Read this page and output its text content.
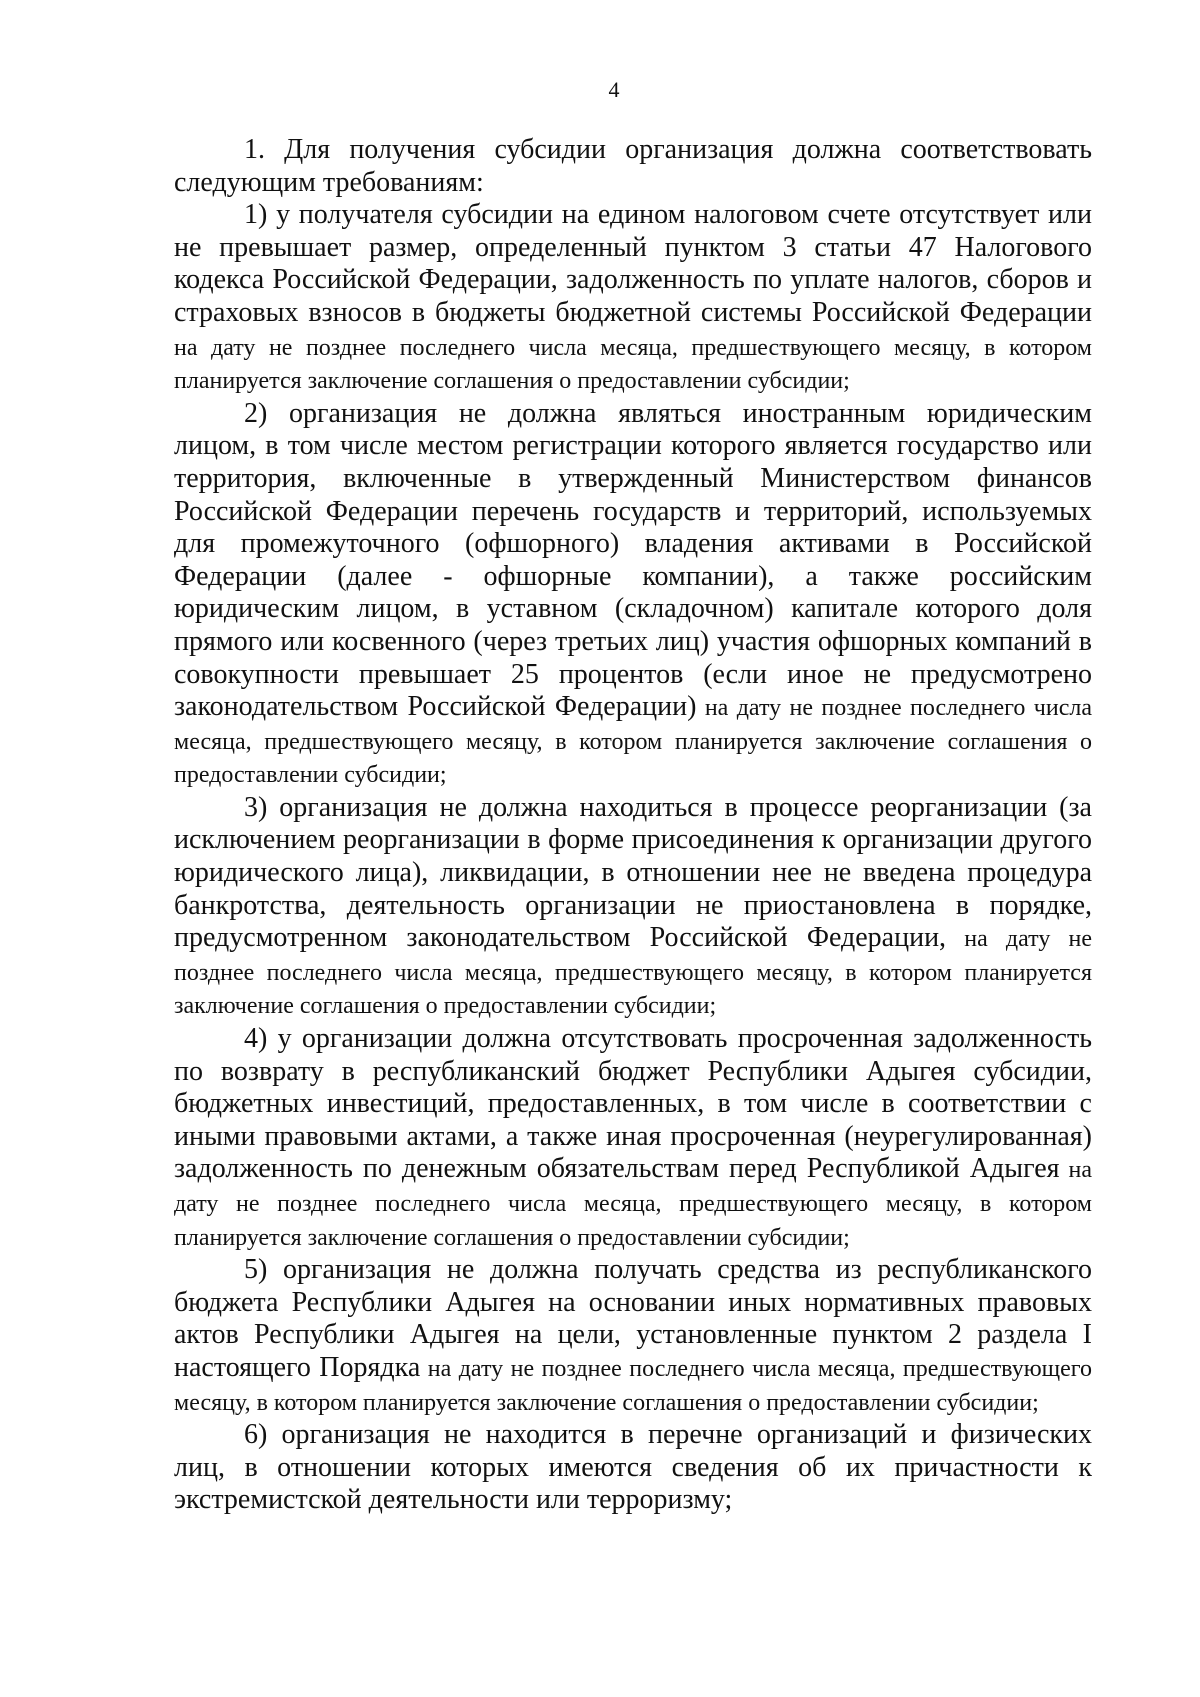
4

1. Для получения субсидии организация должна соответствовать следующим требованиям:

1) у получателя субсидии на едином налоговом счете отсутствует или не превышает размер, определенный пунктом 3 статьи 47 Налогового кодекса Российской Федерации, задолженность по уплате налогов, сборов и страховых взносов в бюджеты бюджетной системы Российской Федерации на дату не позднее последнего числа месяца, предшествующего месяцу, в котором планируется заключение соглашения о предоставлении субсидии;

2) организация не должна являться иностранным юридическим лицом, в том числе местом регистрации которого является государство или территория, включенные в утвержденный Министерством финансов Российской Федерации перечень государств и территорий, используемых для промежуточного (офшорного) владения активами в Российской Федерации (далее - офшорные компании), а также российским юридическим лицом, в уставном (складочном) капитале которого доля прямого или косвенного (через третьих лиц) участия офшорных компаний в совокупности превышает 25 процентов (если иное не предусмотрено законодательством Российской Федерации) на дату не позднее последнего числа месяца, предшествующего месяцу, в котором планируется заключение соглашения о предоставлении субсидии;

3) организация не должна находиться в процессе реорганизации (за исключением реорганизации в форме присоединения к организации другого юридического лица), ликвидации, в отношении нее не введена процедура банкротства, деятельность организации не приостановлена в порядке, предусмотренном законодательством Российской Федерации, на дату не позднее последнего числа месяца, предшествующего месяцу, в котором планируется заключение соглашения о предоставлении субсидии;

4) у организации должна отсутствовать просроченная задолженность по возврату в республиканский бюджет Республики Адыгея субсидии, бюджетных инвестиций, предоставленных, в том числе в соответствии с иными правовыми актами, а также иная просроченная (неурегулированная) задолженность по денежным обязательствам перед Республикой Адыгея на дату не позднее последнего числа месяца, предшествующего месяцу, в котором планируется заключение соглашения о предоставлении субсидии;

5) организация не должна получать средства из республиканского бюджета Республики Адыгея на основании иных нормативных правовых актов Республики Адыгея на цели, установленные пунктом 2 раздела I настоящего Порядка на дату не позднее последнего числа месяца, предшествующего месяцу, в котором планируется заключение соглашения о предоставлении субсидии;

6) организация не находится в перечне организаций и физических лиц, в отношении которых имеются сведения об их причастности к экстремистской деятельности или терроризму;
